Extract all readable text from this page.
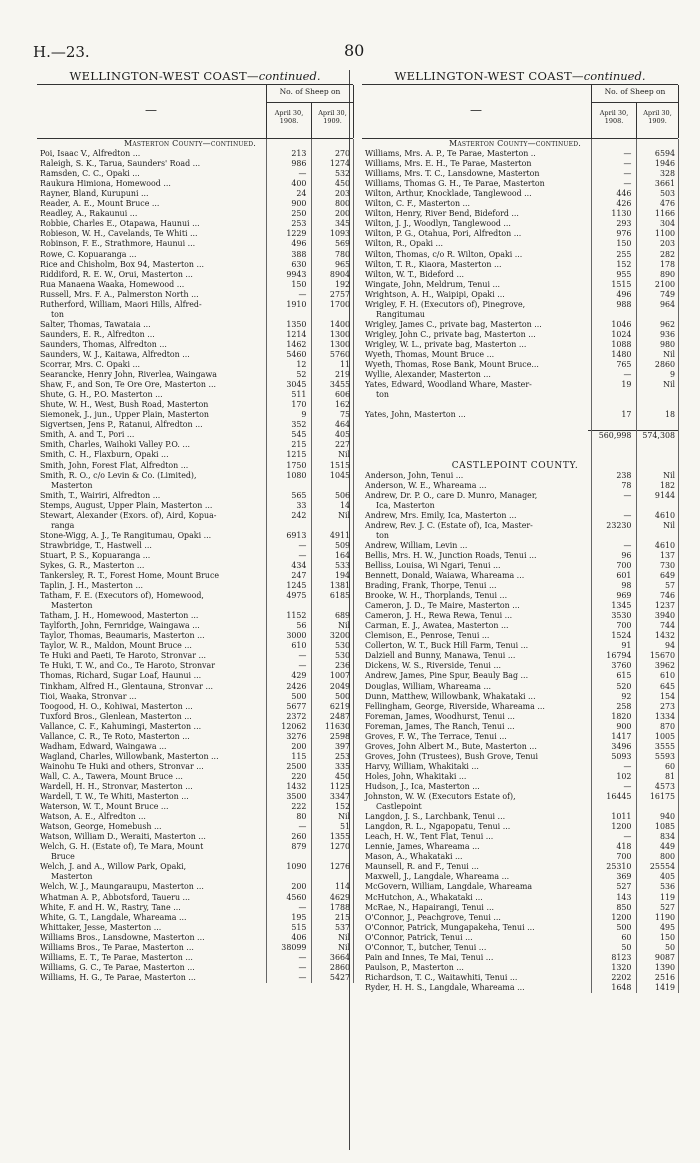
H.—23.	80
WELLINGTON-WEST COAST—continued.
—
No. of Sheep on
April 30,
1908.
April 30,
1909.
Masterton County—continued.
Poi, Isaac V., Alfredton ...	213	270
Raleigh, S. K., Tarua, Saunders' Road ...	986	1274
Ramsden, C. C., Opaki ...	—	532
Raukura Himiona, Homewood ...	400	450
Rayner, Bland, Kurupuni ...	24	203
Reader, A. E., Mount Bruce ...	900	800
Readley, A., Rakaunui ...	250	200
Robbie, Charles E., Otapawa, Haunui ...	253	345
Robieson, W. H., Cavelands, Te Whiti ...	1229	1093
Robinson, F. E., Strathmore, Haunui ...	496	569
Rowe, C. Kopuaranga ...	388	780
Rice and Chisholm, Box 94, Masterton ...	630	965
Riddiford, R. E. W., Orui, Masterton ...	9943	8904
Rua Manaena Waaka, Homewood ...	150	192
Russell, Mrs. F. A., Palmerston North ...	—	2757
Rutherford, William, Maori Hills, Alfred-	1910	1700
ton
Salter, Thomas, Tawataia ...	1350	1400
Saunders, E. R., Alfredton ...	1214	1300
Saunders, Thomas, Alfredton ...	1462	1300
Saunders, W. J., Kaitawa, Alfredton ...	5460	5760
Scorrar, Mrs. C. Opaki ...	12	11
Searancke, Henry John, Riverlea, Waingawa	52	219
Shaw, F., and Son, Te Ore Ore, Masterton ...	3045	3455
Shute, G. H., P.O. Masterton ...	511	606
Shute, W. H., West, Bush Road, Masterton	170	162
Siemonek, J., jun., Upper Plain, Masterton	9	75
Sigvertsen, Jens P., Ratanui, Alfredton ...	352	464
Smith, A. and T., Pori ...	545	405
Smith, Charles, Waihoki Valley P.O. ...	215	227
Smith, C. H., Flaxburn, Opaki ...	1215	Nil
Smith, John, Forest Flat, Alfredton ...	1750	1515
Smith, R. O., c/o Levin & Co. (Limited),	1080	1045
Masterton
Smith, T., Wairiri, Alfredton ...	565	506
Stemps, August, Upper Plain, Masterton ...	33	14
Stewart, Alexander (Exors. of), Aird, Kopua-	242	Nil
ranga
Stone-Wigg, A. J., Te Rangitumau, Opaki ...	6913	4911
Strawbridge, T., Hastwell ...	—	509
Stuart, P. S., Kopuaranga ...	—	164
Sykes, G. R., Masterton ...	434	533
Tankersley, R. T., Forest Home, Mount Bruce	247	194
Taplin, J. H., Masterton ...	1245	1381
Tatham, F. E. (Executors of), Homewood,	4975	6185
Masterton
Tatham, J. H., Homewood, Masterton ...	1152	689
Taylforth, John, Fernridge, Waingawa ...	56	Nil
Taylor, Thomas, Beaumaris, Masterton ...	3000	3200
Taylor, W. R., Maldon, Mount Bruce ...	610	530
Te Huki and Paeti, Te Haroto, Stronvar ...	—	530
Te Huki, T. W., and Co., Te Haroto, Stronvar	—	236
Thomas, Richard, Sugar Loaf, Haunui ...	429	1007
Tinkham, Alfred H., Glentauna, Stronvar ...	2426	2049
Tioi, Waaka, Stronvar ...	500	500
Toogood, H. O., Kohiwai, Masterton ...	5677	6219
Tuxford Bros., Glenlean, Masterton ...	2372	2487
Vallance, C. F., Kahumingi, Masterton ...	12062	11630
Vallance, C. R., Te Roto, Masterton ...	3276	2598
Wadham, Edward, Waingawa ...	200	397
Wagland, Charles, Willowbank, Masterton ...	115	253
Wainohu Te Huki and others, Stronvar ...	2500	335
Wall, C. A., Tawera, Mount Bruce ...	220	450
Wardell, H. H., Stronvar, Masterton ...	1432	1125
Wardell, T. W., Te Whiti, Masterton ...	3500	3347
Waterson, W. T., Mount Bruce ...	222	152
Watson, A. E., Alfredton ...	80	Nil
Watson, George, Homebush ...	—	51
Watson, William D., Weraiti, Masterton ...	260	1355
Welch, G. H. (Estate of), Te Mara, Mount	879	1270
Bruce
Welch, J. and A., Willow Park, Opaki,	1090	1276
Masterton
Welch, W. J., Maungaraupu, Masterton ...	200	114
Whatman A. P., Abbotsford, Taueru ...	4560	4629
White, F. and H. W., Rastry, Tane ...	—	1788
White, G. T., Langdale, Whareama ...	195	215
Whittaker, Jesse, Masterton ...	515	537
Williams Bros., Lansdowne, Masterton ...	406	Nil
Williams Bros., Te Parae, Masterton ...	38099	Nil
Williams, E. T., Te Parae, Masterton ...	—	3664
Williams, G. C., Te Parae, Masterton ...	—	2860
Williams, H. G., Te Parae, Masterton ...	—	5427
WELLINGTON-WEST COAST—continued.
—
No. of Sheep on
April 30,
1908.
April 30,
1909.
Masterton County—continued.
Williams, Mrs. A. P., Te Parae, Masterton ..	—	6594
Williams, Mrs. E. H., Te Parae, Masterton	—	1946
Williams, Mrs. T. C., Lansdowne, Masterton	—	328
Williams, Thomas G. H., Te Parae, Masterton	—	3661
Wilton, Arthur, Knocklade, Tanglewood ...	446	503
Wilton, C. F., Masterton ...	426	476
Wilton, Henry, River Bend, Bideford ...	1130	1166
Wilton, J. J., Woodlyn, Tanglewood ...	293	304
Wilton, P. G., Otahua, Pori, Alfredton ...	976	1100
Wilton, R., Opaki ...	150	203
Wilton, Thomas, c/o R. Wilton, Opaki ...	255	282
Wilton, T. R., Kiaora, Masterton ...	152	178
Wilton, W. T., Bideford ...	955	890
Wingate, John, Meldrum, Tenui ...	1515	2100
Wrightson, A. H., Waipipi, Opaki ...	496	749
Wrigley, F. H. (Executors of), Pinegrove,	988	964
Rangitumau
Wrigley, James C., private bag, Masterton ...	1046	962
Wrigley, John C., private bag, Masterton ...	1024	936
Wrigley, W. L., private bag, Masterton ...	1088	980
Wyeth, Thomas, Mount Bruce ...	1480	Nil
Wyeth, Thomas, Rose Bank, Mount Bruce...	765	2860
Wyllie, Alexander, Masterton ...	—	9
Yates, Edward, Woodland Whare, Master-	19	Nil
ton
Yates, John, Masterton ...	17	18
560,998	574,308
CASTLEPOINT COUNTY.
Anderson, John, Tenui ...	238	Nil
Anderson, W. E., Whareama ...	78	182
Andrew, Dr. P. O., care D. Munro, Manager,	—	9144
Ica, Masterton
Andrew, Mrs. Emily, Ica, Masterton ...	—	4610
Andrew, Rev. J. C. (Estate of), Ica, Master-	23230	Nil
ton
Andrew, William, Levin ...	—	4610
Bellis, Mrs. H. W., Junction Roads, Tenui ...	96	137
Belliss, Louisa, Wi Ngari, Tenui ...	700	730
Bennett, Donald, Waiawa, Whareama ...	601	649
Brading, Frank, Thorpe, Tenui ...	98	57
Brooke, W. H., Thorplands, Tenui ...	969	746
Cameron, J. D., Te Maire, Masterton ...	1345	1237
Cameron, J. H., Rewa Rewa, Tenui ...	3530	3940
Carman, E. J., Awatea, Masterton ...	700	744
Clemison, E., Penrose, Tenui ...	1524	1432
Collerton, W. T., Buck Hill Farm, Tenui ...	91	94
Dalziell and Bunny, Manawa, Tenui ...	16794	15670
Dickens, W. S., Riverside, Tenui ...	3760	3962
Andrew, James, Pine Spur, Beauly Bag ...	615	610
Douglas, William, Whareama ...	520	645
Dunn, Matthew, Willowbank, Whakataki ...	92	154
Fellingham, George, Riverside, Whareama ...	258	273
Foreman, James, Woodhurst, Tenui ...	1820	1334
Foreman, James, The Ranch, Tenui ...	900	870
Groves, F. W., The Terrace, Tenui ...	1417	1005
Groves, John Albert M., Bute, Masterton ...	3496	3555
Groves, John (Trustees), Bush Grove, Tenui	5093	5593
Harvy, William, Whakitaki ...	—	60
Holes, John, Whakitaki ...	102	81
Hudson, J., Ica, Masterton ...	—	4573
Johnston, W. W. (Executors Estate of),	16445	16175
Castlepoint
Langdon, J. S., Larchbank, Tenui ...	1011	940
Langdon, R. L., Ngapopatu, Tenui ...	1200	1085
Leach, H. W., Tent Flat, Tenui ...	—	834
Lennie, James, Whareama ...	418	449
Mason, A., Whakataki ...	700	800
Maunsell, R. and F., Tenui ...	25310	25554
Maxwell, J., Langdale, Whareama ...	369	405
McGovern, William, Langdale, Whareama	527	536
McHutchon, A., Whakataki ...	143	119
McRae, N., Hapairangi, Tenui ...	850	527
O'Connor, J., Peachgrove, Tenui ...	1200	1190
O'Connor, Patrick, Mungapakeha, Tenui ...	500	495
O'Connor, Patrick, Tenui ...	60	150
O'Connor, T., butcher, Tenui ...	50	50
Pain and Innes, Te Mai, Tenui ...	8123	9087
Paulson, P., Masterton ...	1320	1390
Richardson, T. C., Waitawhiti, Tenui ...	2202	2516
Ryder, H. H. S., Langdale, Whareama ...	1648	1419
